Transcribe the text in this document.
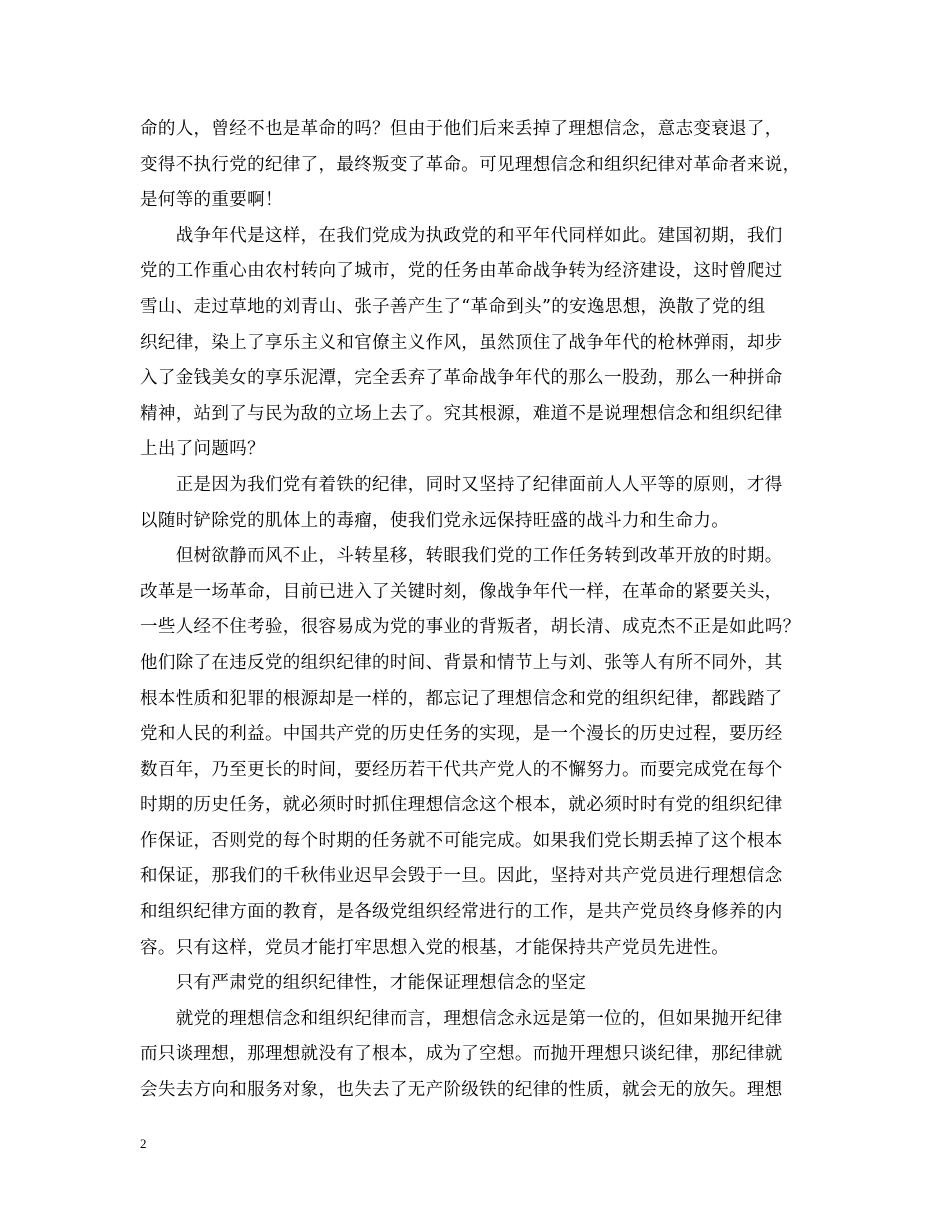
命的人，曾经不也是革命的吗？但由于他们后来丢掉了理想信念，意志变衰退了，
变得不执行党的纪律了，最终叛变了革命。可见理想信念和组织纪律对革命者来说，
是何等的重要啊！
　　战争年代是这样，在我们党成为执政党的和平年代同样如此。建国初期，我们
党的工作重心由农村转向了城市，党的任务由革命战争转为经济建设，这时曾爬过
雪山、走过草地的刘青山、张子善产生了“革命到头”的安逸思想，涣散了党的组
织纪律，染上了享乐主义和官僚主义作风，虽然顶住了战争年代的枪林弹雨，却步
入了金钱美女的享乐泥潭，完全丢弃了革命战争年代的那么一股劲，那么一种拼命
精神，站到了与民为敌的立场上去了。究其根源，难道不是说理想信念和组织纪律
上出了问题吗？
　　正是因为我们党有着铁的纪律，同时又坚持了纪律面前人人平等的原则，才得
以随时铲除党的肌体上的毒瘤，使我们党永远保持旺盛的战斗力和生命力。
　　但树欲静而风不止，斗转星移，转眼我们党的工作任务转到改革开放的时期。
改革是一场革命，目前已进入了关键时刻，像战争年代一样，在革命的紧要关头，
一些人经不住考验，很容易成为党的事业的背叛者，胡长清、成克杰不正是如此吗？
他们除了在违反党的组织纪律的时间、背景和情节上与刘、张等人有所不同外，其
根本性质和犯罪的根源却是一样的，都忘记了理想信念和党的组织纪律，都践踏了
党和人民的利益。中国共产党的历史任务的实现，是一个漫长的历史过程，要历经
数百年，乃至更长的时间，要经历若干代共产党人的不懈努力。而要完成党在每个
时期的历史任务，就必须时时抓住理想信念这个根本，就必须时时有党的组织纪律
作保证，否则党的每个时期的任务就不可能完成。如果我们党长期丢掉了这个根本
和保证，那我们的千秋伟业迟早会毁于一旦。因此，坚持对共产党员进行理想信念
和组织纪律方面的教育，是各级党组织经常进行的工作，是共产党员终身修养的内
容。只有这样，党员才能打牢思想入党的根基，才能保持共产党员先进性。
　　只有严肃党的组织纪律性，才能保证理想信念的坚定
　　就党的理想信念和组织纪律而言，理想信念永远是第一位的，但如果抛开纪律
而只谈理想，那理想就没有了根本，成为了空想。而抛开理想只谈纪律，那纪律就
会失去方向和服务对象，也失去了无产阶级铁的纪律的性质，就会无的放矢。理想
2
